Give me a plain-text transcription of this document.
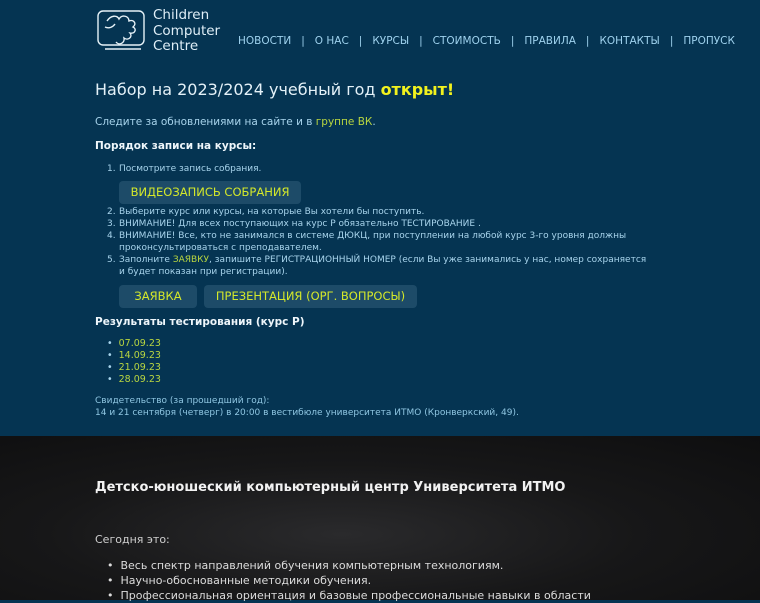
Children
Computer
Centre	НОВОСТИ | О НАС | КУРСЫ | СТОИМОСТЬ | ПРАВИЛА | КОНТАКТЫ | ПРОПУСК
Набор на 2023/2024 учебный год открыт!
Следите за обновлениями на сайте и в группе ВК.
Порядок записи на курсы:
1. Посмотрите запись собрания.
ВИДЕОЗАПИСЬ СОБРАНИЯ
2. Выберите курс или курсы, на которые Вы хотели бы поступить.
3. ВНИМАНИЕ! Для всех поступающих на курс P обязательно ТЕСТИРОВАНИЕ .
4. ВНИМАНИЕ! Все, кто не занимался в системе ДЮКЦ, при поступлении на любой курс 3-го уровня должны проконсультироваться с преподавателем.
5. Заполните ЗАЯВКУ, запишите РЕГИСТРАЦИОННЫЙ НОМЕР (если Вы уже занимались у нас, номер сохраняется и будет показан при регистрации).
ЗАЯВКА	ПРЕЗЕНТАЦИЯ (ОРГ. ВОПРОСЫ)
Результаты тестирования (курс P)
• 07.09.23
• 14.09.23
• 21.09.23
• 28.09.23
Свидетельство (за прошедший год):
14 и 21 сентября (четверг) в 20:00 в вестибюле университета ИТМО (Кронверкский, 49).
Детско-юношеский компьютерный центр Университета ИТМО
Сегодня это:
•  Весь спектр направлений обучения компьютерным технологиям.
•  Научно-обоснованные методики обучения.
•  Профессиональная ориентация и базовые профессиональные навыки в области
